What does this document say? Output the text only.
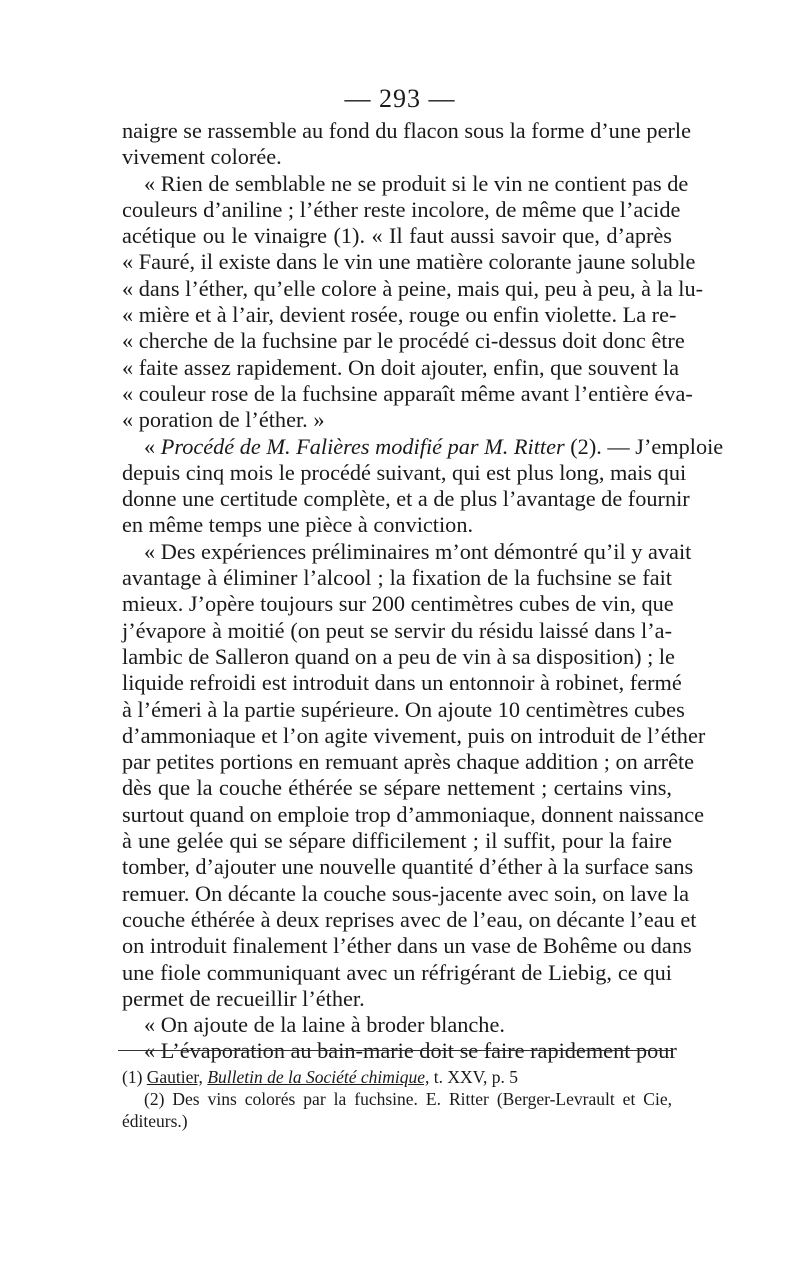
— 293 —
naigre se rassemble au fond du flacon sous la forme d’une perle
vivement colorée.
« Rien de semblable ne se produit si le vin ne contient pas de
couleurs d’aniline ; l’éther reste incolore, de même que l’acide
acétique ou le vinaigre (1). « Il faut aussi savoir que, d’après
« Fauré, il existe dans le vin une matière colorante jaune soluble
« dans l’éther, qu’elle colore à peine, mais qui, peu à peu, à la lu-
« mière et à l’air, devient rosée, rouge ou enfin violette. La re-
« cherche de la fuchsine par le procédé ci-dessus doit donc être
« faite assez rapidement. On doit ajouter, enfin, que souvent la
« couleur rose de la fuchsine apparaît même avant l’entière éva-
« poration de l’éther. »
« Procédé de M. Falières modifié par M. Ritter (2). — J’emploie
depuis cinq mois le procédé suivant, qui est plus long, mais qui
donne une certitude complète, et a de plus l’avantage de fournir
en même temps une pièce à conviction.
« Des expériences préliminaires m’ont démontré qu’il y avait
avantage à éliminer l’alcool ; la fixation de la fuchsine se fait
mieux. J’opère toujours sur 200 centimètres cubes de vin, que
j’évapore à moitié (on peut se servir du résidu laissé dans l’a-
lambic de Salleron quand on a peu de vin à sa disposition) ; le
liquide refroidi est introduit dans un entonnoir à robinet, fermé
à l’émeri à la partie supérieure. On ajoute 10 centimètres cubes
d’ammoniaque et l’on agite vivement, puis on introduit de l’éther
par petites portions en remuant après chaque addition ; on arrête
dès que la couche éthérée se sépare nettement ; certains vins,
surtout quand on emploie trop d’ammoniaque, donnent naissance
à une gelée qui se sépare difficilement ; il suffit, pour la faire
tomber, d’ajouter une nouvelle quantité d’éther à la surface sans
remuer. On décante la couche sous-jacente avec soin, on lave la
couche éthérée à deux reprises avec de l’eau, on décante l’eau et
on introduit finalement l’éther dans un vase de Bohême ou dans
une fiole communiquant avec un réfrigérant de Liebig, ce qui
permet de recueillir l’éther.
« On ajoute de la laine à broder blanche.
« L’évaporation au bain-marie doit se faire rapidement pour
(1) Gautier, Bulletin de la Société chimique, t. XXV, p. 5
(2) Des vins colorés par la fuchsine. E. Ritter (Berger-Levrault et Cie,
éditeurs.)
